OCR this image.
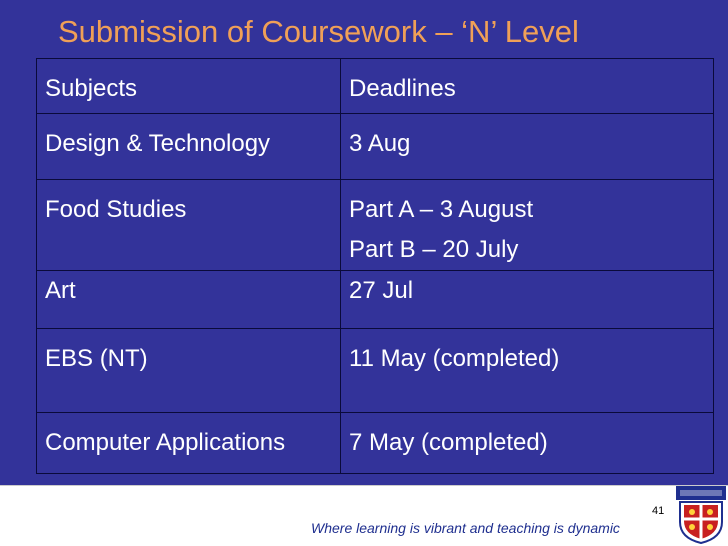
Submission of Coursework – ‘N’ Level
Subjects	Deadlines

Design & Technology	3 Aug

Food Studies	Part A – 3 August
Part B – 20 July

Art	27 Jul

EBS (NT)	11 May (completed)

Computer Applications	7 May (completed)
41
Where learning is vibrant and teaching is dynamic
